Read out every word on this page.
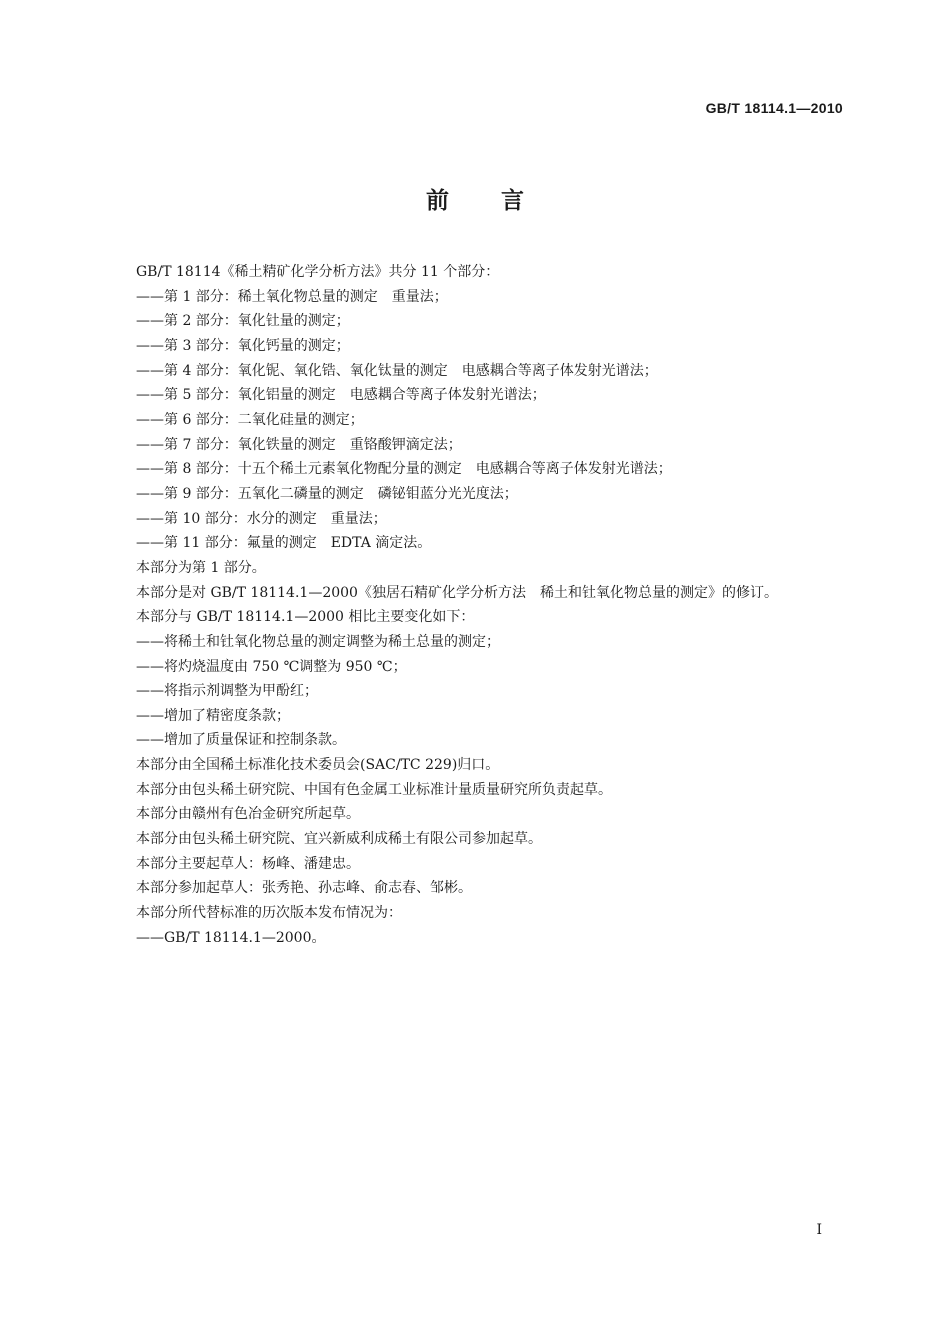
GB/T 18114.1—2010
前言

GB/T 18114《稀土精矿化学分析方法》共分 11 个部分：

——第 1 部分：稀土氧化物总量的测定　重量法；

——第 2 部分：氧化钍量的测定；

——第 3 部分：氧化钙量的测定；

——第 4 部分：氧化铌、氧化锆、氧化钛量的测定　电感耦合等离子体发射光谱法；

——第 5 部分：氧化铝量的测定　电感耦合等离子体发射光谱法；

——第 6 部分：二氧化硅量的测定；

——第 7 部分：氧化铁量的测定　重铬酸钾滴定法；

——第 8 部分：十五个稀土元素氧化物配分量的测定　电感耦合等离子体发射光谱法；

——第 9 部分：五氧化二磷量的测定　磷铋钼蓝分光光度法；

——第 10 部分：水分的测定　重量法；

——第 11 部分：氟量的测定　EDTA 滴定法。

本部分为第 1 部分。

本部分是对 GB/T 18114.1—2000《独居石精矿化学分析方法　稀土和钍氧化物总量的测定》的修订。

本部分与 GB/T 18114.1—2000 相比主要变化如下：

——将稀土和钍氧化物总量的测定调整为稀土总量的测定；

——将灼烧温度由 750 ℃调整为 950 ℃；

——将指示剂调整为甲酚红；

——增加了精密度条款；

——增加了质量保证和控制条款。

本部分由全国稀土标准化技术委员会(SAC/TC 229)归口。

本部分由包头稀土研究院、中国有色金属工业标准计量质量研究所负责起草。

本部分由赣州有色冶金研究所起草。

本部分由包头稀土研究院、宜兴新威利成稀土有限公司参加起草。

本部分主要起草人：杨峰、潘建忠。

本部分参加起草人：张秀艳、孙志峰、俞志春、邹彬。

本部分所代替标准的历次版本发布情况为：

——GB/T 18114.1—2000。

I
